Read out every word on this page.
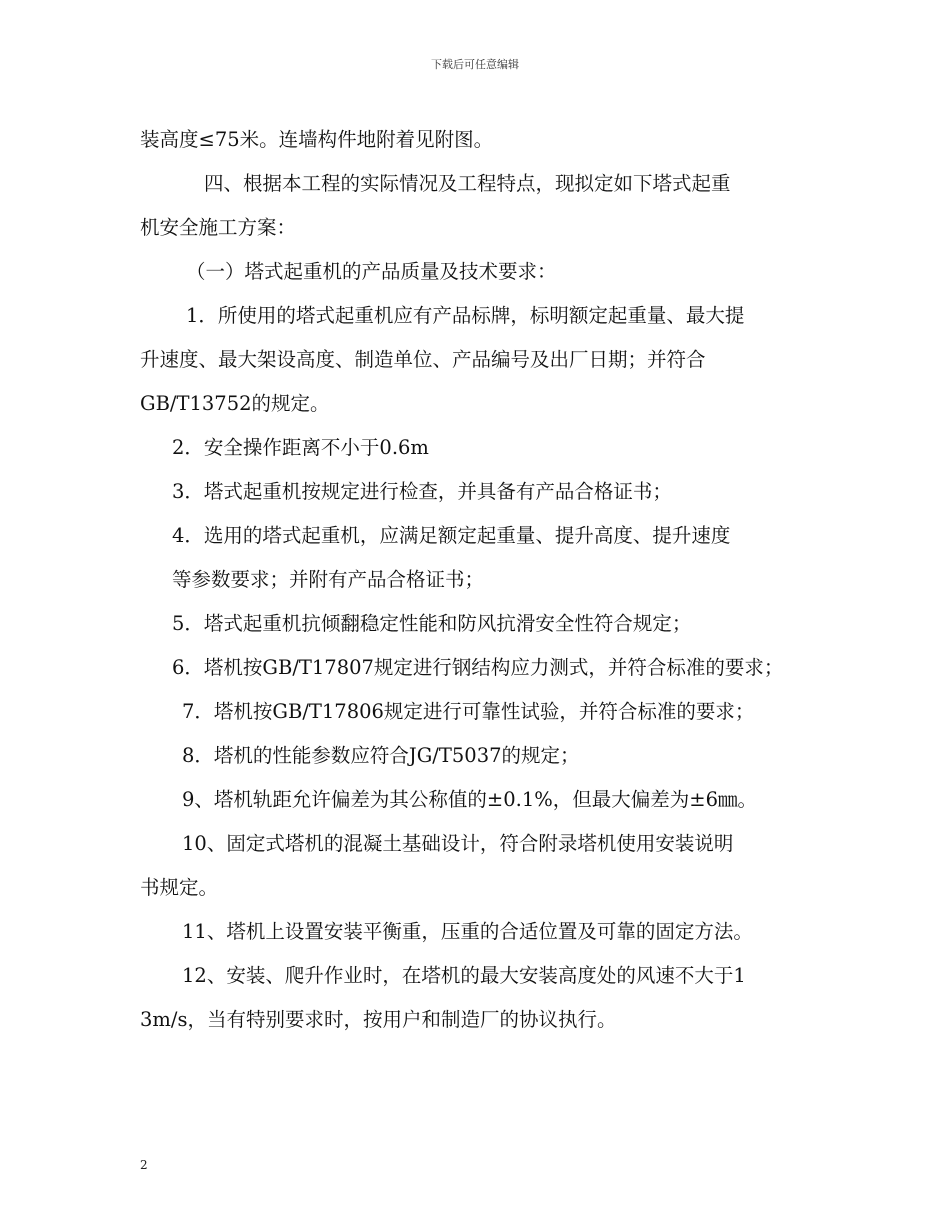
下载后可任意编辑
装高度≤75米。连墙构件地附着见附图。
四、根据本工程的实际情况及工程特点，现拟定如下塔式起重
机安全施工方案：
（一）塔式起重机的产品质量及技术要求：
1．所使用的塔式起重机应有产品标牌，标明额定起重量、最大提
升速度、最大架设高度、制造单位、产品编号及出厂日期；并符合
GB/T13752的规定。
2．安全操作距离不小于0.6m
3．塔式起重机按规定进行检查，并具备有产品合格证书；
4．选用的塔式起重机，应满足额定起重量、提升高度、提升速度
等参数要求；并附有产品合格证书；
5．塔式起重机抗倾翻稳定性能和防风抗滑安全性符合规定；
6．塔机按GB/T17807规定进行钢结构应力测式，并符合标准的要求；
7．塔机按GB/T17806规定进行可靠性试验，并符合标准的要求；
8．塔机的性能参数应符合JG/T5037的规定；
9、塔机轨距允许偏差为其公称值的±0.1%，但最大偏差为±6㎜。
10、固定式塔机的混凝土基础设计，符合附录塔机使用安装说明
书规定。
11、塔机上设置安装平衡重，压重的合适位置及可靠的固定方法。
12、安装、爬升作业时，在塔机的最大安装高度处的风速不大于1
3m/s，当有特别要求时，按用户和制造厂的协议执行。
2
